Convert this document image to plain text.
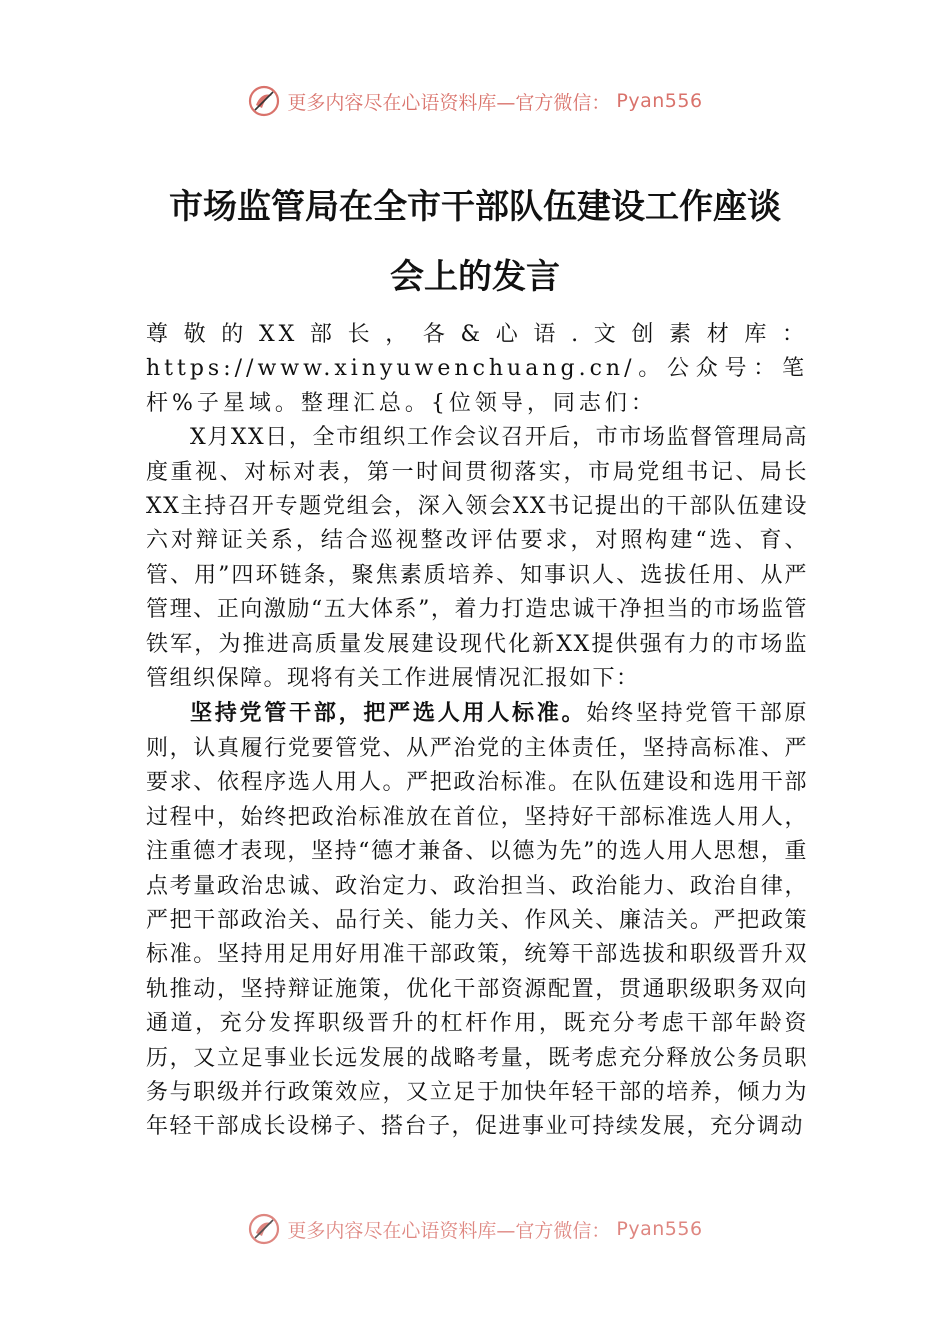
更多内容尽在心语资料库—官方微信： Pyan556
市场监管局在全市干部队伍建设工作座谈
会上的发言

尊敬的XX部长，各&心语.文创素材库：https://www.xinyuwenchuang.cn/。公众号：笔杆%子星域。整理汇总。{位领导，同志们：

X月XX日，全市组织工作会议召开后，市市场监督管理局高度重视、对标对表，第一时间贯彻落实，市局党组书记、局长XX主持召开专题党组会，深入领会XX书记提出的干部队伍建设六对辩证关系，结合巡视整改评估要求，对照构建“选、育、管、用”四环链条，聚焦素质培养、知事识人、选拔任用、从严管理、正向激励“五大体系”，着力打造忠诚干净担当的市场监管铁军，为推进高质量发展建设现代化新XX提供强有力的市场监管组织保障。现将有关工作进展情况汇报如下：

坚持党管干部，把严选人用人标准。始终坚持党管干部原则，认真履行党要管党、从严治党的主体责任，坚持高标准、严要求、依程序选人用人。严把政治标准。在队伍建设和选用干部过程中，始终把政治标准放在首位，坚持好干部标准选人用人，注重德才表现，坚持“德才兼备、以德为先”的选人用人思想，重点考量政治忠诚、政治定力、政治担当、政治能力、政治自律，严把干部政治关、品行关、能力关、作风关、廉洁关。严把政策标准。坚持用足用好用准干部政策，统筹干部选拔和职级晋升双轨推动，坚持辩证施策，优化干部资源配置，贯通职级职务双向通道，充分发挥职级晋升的杠杆作用，既充分考虑干部年龄资历，又立足事业长远发展的战略考量，既考虑充分释放公务员职务与职级并行政策效应，又立足于加快年轻干部的培养，倾力为年轻干部成长设梯子、搭台子，促进事业可持续发展，充分调动

更多内容尽在心语资料库—官方微信： Pyan556
